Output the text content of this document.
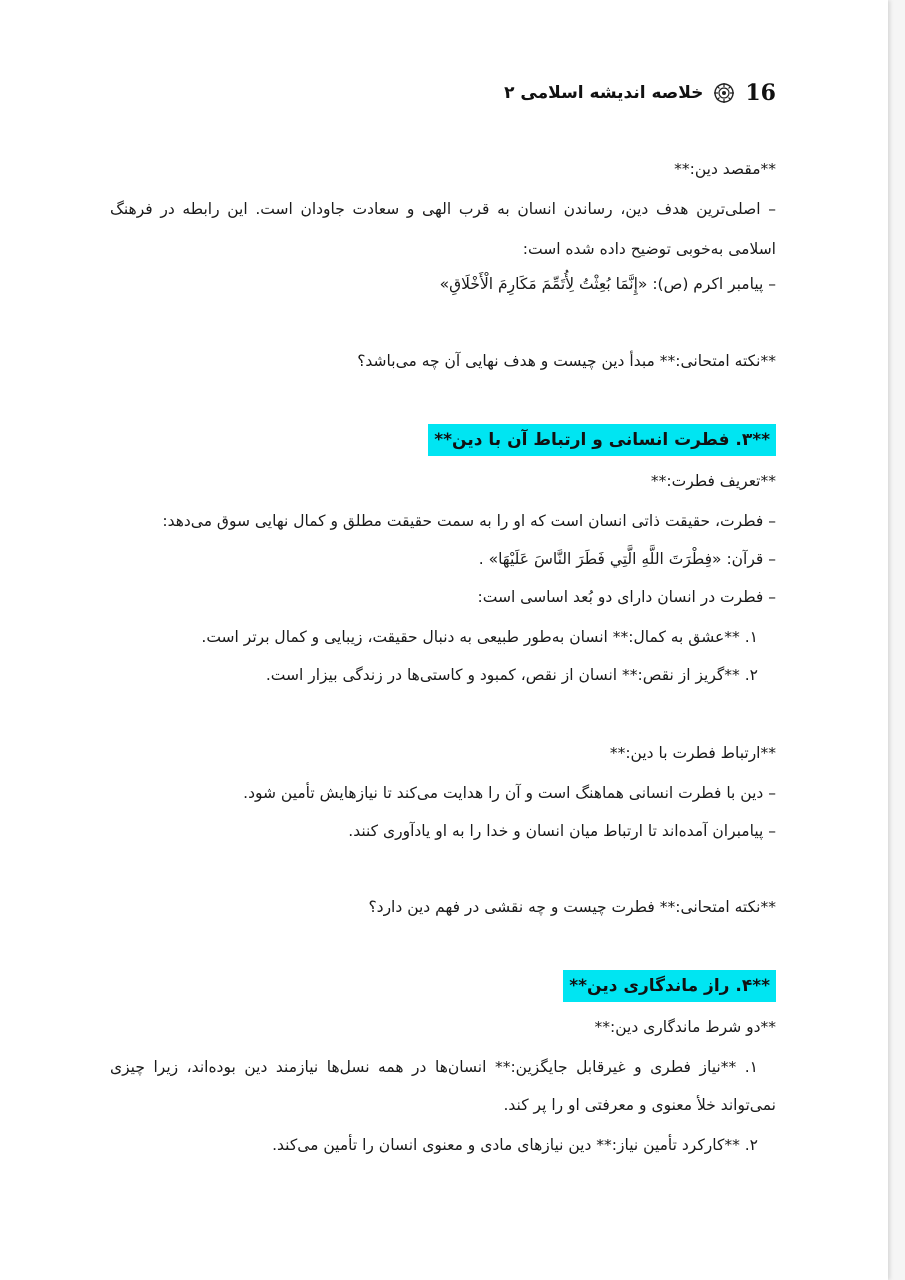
16
خلاصه اندیشه اسلامی ۲
**مقصد دین:**
– اصلی‌ترین هدف دین، رساندن انسان به قرب الهی و سعادت جاودان است. این رابطه در فرهنگ
اسلامی به‌خوبی توضیح داده شده است:
– پیامبر اکرم (ص): «إِنَّمَا بُعِثْتُ لِأُتَمِّمَ مَكَارِمَ الْأَخْلَاقِ»
**نکته امتحانی:** مبدأ دین چیست و هدف نهایی آن چه می‌باشد؟
**۳. فطرت انسانی و ارتباط آن با دین**
**تعریف فطرت:**
– فطرت، حقیقت ذاتی انسان است که او را به سمت حقیقت مطلق و کمال نهایی سوق می‌دهد:
– قرآن: «فِطْرَتَ اللَّهِ الَّتِي فَطَرَ النَّاسَ عَلَيْهَا» .
– فطرت در انسان دارای دو بُعد اساسی است:
۱. **عشق به کمال:** انسان به‌طور طبیعی به دنبال حقیقت، زیبایی و کمال برتر است.
۲. **گریز از نقص:** انسان از نقص، کمبود و کاستی‌ها در زندگی بیزار است.
**ارتباط فطرت با دین:**
– دین با فطرت انسانی هماهنگ است و آن را هدایت می‌کند تا نیازهایش تأمین شود.
– پیامبران آمده‌اند تا ارتباط میان انسان و خدا را به او یادآوری کنند.
**نکته امتحانی:** فطرت چیست و چه نقشی در فهم دین دارد؟
**۴. راز ماندگاری دین**
**دو شرط ماندگاری دین:**
۱. **نیاز فطری و غیرقابل جایگزین:** انسان‌ها در همه نسل‌ها نیازمند دین بوده‌اند، زیرا چیزی
نمی‌تواند خلأ معنوی و معرفتی او را پر کند.
۲. **کارکرد تأمین نیاز:** دین نیازهای مادی و معنوی انسان را تأمین می‌کند.
